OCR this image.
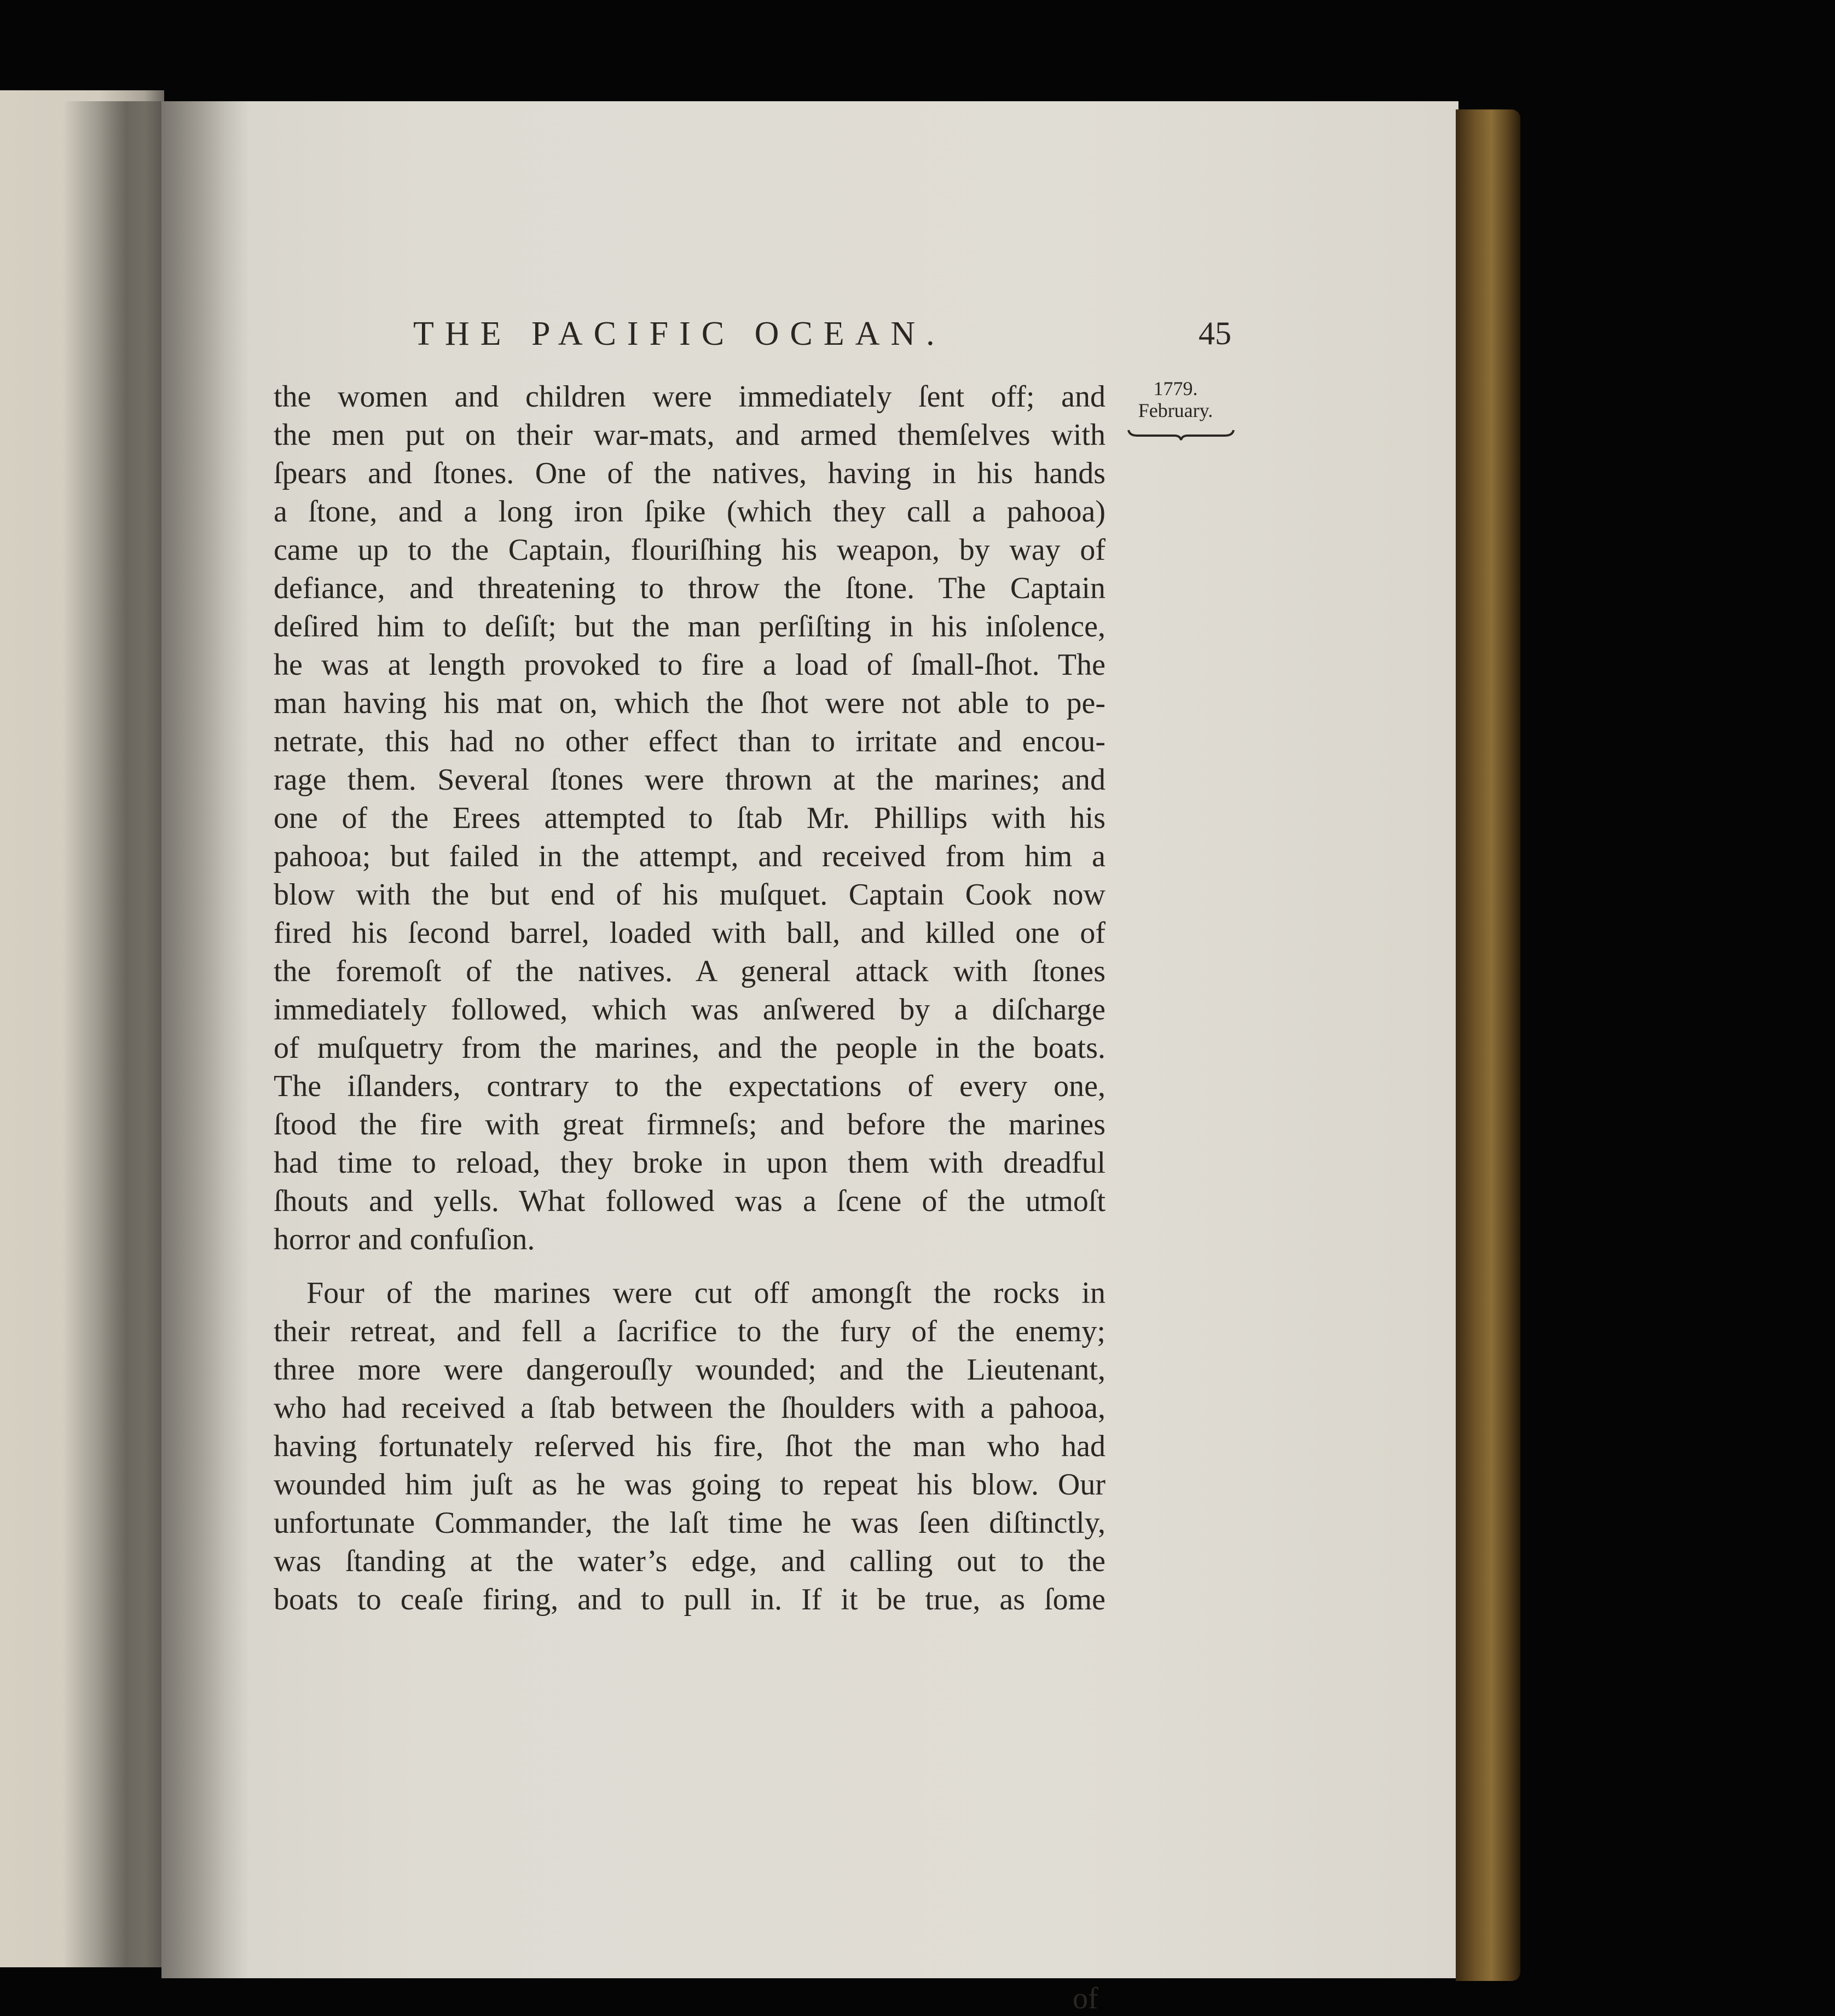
THE PACIFIC OCEAN.	45
1779.
February.

the women and children were immediately ſent off; and
the men put on their war-mats, and armed themſelves with
ſpears and ſtones. One of the natives, having in his hands
a ſtone, and a long iron ſpike (which they call a pahooa)
came up to the Captain, flouriſhing his weapon, by way of
defiance, and threatening to throw the ſtone. The Captain
deſired him to deſiſt; but the man perſiſting in his inſolence,
he was at length provoked to fire a load of ſmall-ſhot. The
man having his mat on, which the ſhot were not able to pe-
netrate, this had no other effect than to irritate and encou-
rage them. Several ſtones were thrown at the marines; and
one of the Erees attempted to ſtab Mr. Phillips with his
pahooa; but failed in the attempt, and received from him a
blow with the but end of his muſquet. Captain Cook now
fired his ſecond barrel, loaded with ball, and killed one of
the foremoſt of the natives. A general attack with ſtones
immediately followed, which was anſwered by a diſcharge
of muſquetry from the marines, and the people in the boats.
The iſlanders, contrary to the expectations of every one,
ſtood the fire with great firmneſs; and before the marines
had time to reload, they broke in upon them with dreadful
ſhouts and yells. What followed was a ſcene of the utmoſt
horror and confuſion.

Four of the marines were cut off amongſt the rocks in
their retreat, and fell a ſacrifice to the fury of the enemy;
three more were dangerouſly wounded; and the Lieutenant,
who had received a ſtab between the ſhoulders with a pahooa,
having fortunately reſerved his fire, ſhot the man who had
wounded him juſt as he was going to repeat his blow. Our
unfortunate Commander, the laſt time he was ſeen diſtinctly,
was ſtanding at the water’s edge, and calling out to the
boats to ceaſe firing, and to pull in. If it be true, as ſome

of
